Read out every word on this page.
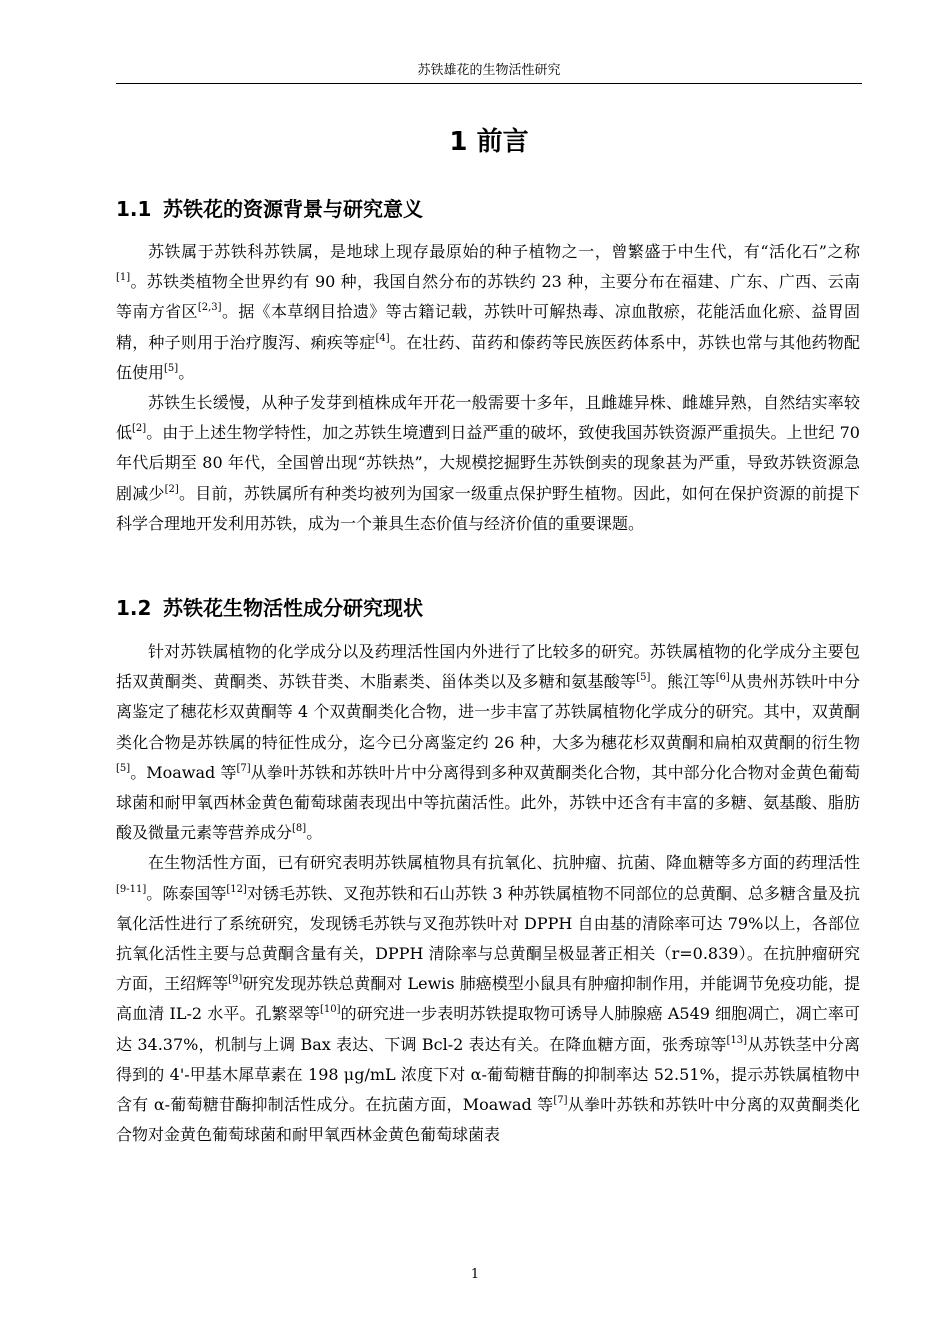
苏铁雄花的生物活性研究
1 前言
1.1 苏铁花的资源背景与研究意义

苏铁属于苏铁科苏铁属，是地球上现存最原始的种子植物之一，曾繁盛于中生代，有“活化石”之称[1]。苏铁类植物全世界约有 90 种，我国自然分布的苏铁约 23 种，主要分布在福建、广东、广西、云南等南方省区[2,3]。据《本草纲目拾遗》等古籍记载，苏铁叶可解热毒、凉血散瘀，花能活血化瘀、益胃固精，种子则用于治疗腹泻、痢疾等症[4]。在壮药、苗药和傣药等民族医药体系中，苏铁也常与其他药物配伍使用[5]。

苏铁生长缓慢，从种子发芽到植株成年开花一般需要十多年，且雌雄异株、雌雄异熟，自然结实率较低[2]。由于上述生物学特性，加之苏铁生境遭到日益严重的破坏，致使我国苏铁资源严重损失。上世纪 70 年代后期至 80 年代，全国曾出现“苏铁热”，大规模挖掘野生苏铁倒卖的现象甚为严重，导致苏铁资源急剧减少[2]。目前，苏铁属所有种类均被列为国家一级重点保护野生植物。因此，如何在保护资源的前提下科学合理地开发利用苏铁，成为一个兼具生态价值与经济价值的重要课题。

1.2 苏铁花生物活性成分研究现状

针对苏铁属植物的化学成分以及药理活性国内外进行了比较多的研究。苏铁属植物的化学成分主要包括双黄酮类、黄酮类、苏铁苷类、木脂素类、甾体类以及多糖和氨基酸等[5]。熊江等[6]从贵州苏铁叶中分离鉴定了穗花杉双黄酮等 4 个双黄酮类化合物，进一步丰富了苏铁属植物化学成分的研究。其中，双黄酮类化合物是苏铁属的特征性成分，迄今已分离鉴定约 26 种，大多为穗花杉双黄酮和扁柏双黄酮的衍生物[5]。Moawad 等[7]从拳叶苏铁和苏铁叶片中分离得到多种双黄酮类化合物，其中部分化合物对金黄色葡萄球菌和耐甲氧西林金黄色葡萄球菌表现出中等抗菌活性。此外，苏铁中还含有丰富的多糖、氨基酸、脂肪酸及微量元素等营养成分[8]。

在生物活性方面，已有研究表明苏铁属植物具有抗氧化、抗肿瘤、抗菌、降血糖等多方面的药理活性[9-11]。陈泰国等[12]对锈毛苏铁、叉孢苏铁和石山苏铁 3 种苏铁属植物不同部位的总黄酮、总多糖含量及抗氧化活性进行了系统研究，发现锈毛苏铁与叉孢苏铁叶对 DPPH 自由基的清除率可达 79%以上，各部位抗氧化活性主要与总黄酮含量有关，DPPH 清除率与总黄酮呈极显著正相关（r=0.839）。在抗肿瘤研究方面，王绍辉等[9]研究发现苏铁总黄酮对 Lewis 肺癌模型小鼠具有肿瘤抑制作用，并能调节免疫功能，提高血清 IL-2 水平。孔繁翠等[10]的研究进一步表明苏铁提取物可诱导人肺腺癌 A549 细胞凋亡，凋亡率可达 34.37%，机制与上调 Bax 表达、下调 Bcl-2 表达有关。在降血糖方面，张秀琼等[13]从苏铁茎中分离得到的 4'-甲基木犀草素在 198 μg/mL 浓度下对 α-葡萄糖苷酶的抑制率达 52.51%，提示苏铁属植物中含有 α-葡萄糖苷酶抑制活性成分。在抗菌方面，Moawad 等[7]从拳叶苏铁和苏铁叶中分离的双黄酮类化合物对金黄色葡萄球菌和耐甲氧西林金黄色葡萄球菌表

1
